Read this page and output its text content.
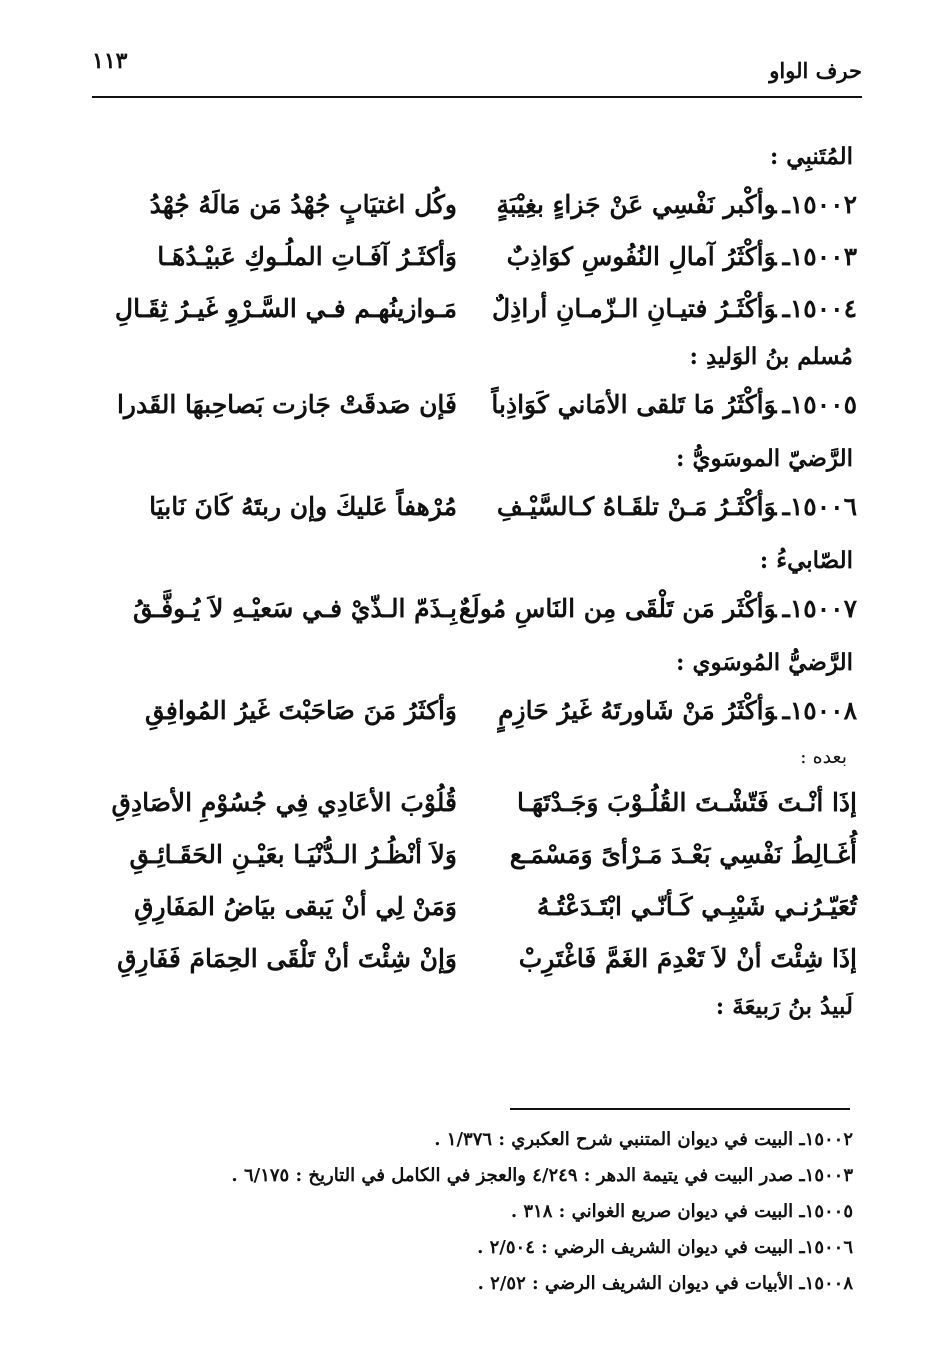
حرف الواو
١١٣
المُتَنبِي :
١٥٠٠٢ـوأكْبر نَفْسِي عَنْ جَزاءٍ بغِيْبَةٍ
وكُل اغتيَابٍ جُهْدُ مَن مَالَهُ جُهْدُ
١٥٠٠٣ـوَأكْثَرُ آمالِ النُفُوسِ كوَاذِبٌ
وَأكثَـرُ آفَـاتِ الملُـوكِ عَبيْـدُهَـا
١٥٠٠٤ـوَأكْثَـرُ فتيـانِ الـزّمـانِ أراذِلٌ
مَـوازينُهـم فـي السَّـرْوِ غَيـرُ ثِقَـالِ
مُسلم بنُ الوَليدِ :
١٥٠٠٥ـوَأكْثَرُ مَا تَلقى الأمَاني كَوَاذِباً
فَإن صَدقَتْ جَازت بَصاحِبهَا القَدرا
الرَّضيّ الموسَويُّ :
١٥٠٠٦ـوَأكْثَـرُ مَـنْ تلقَـاهُ كـالسَّيْـفِ
مُرْهفاً عَليكَ وإن ربتَهُ كَانَ نَابيَا
الصّابيءُ :
١٥٠٠٧ـوَأكْثَر مَن تَلْقَى مِن النَاسِ مُولَعٌ
بِـذَمّ الـذّيْ فـي سَعيْـهِ لاَ يُـوفَّـقُ
الرَّضيُّ المُوسَوي :
١٥٠٠٨ـوَأكْثَرُ مَنْ شَاورتَهُ غَيرُ حَازِمٍ
وَأكثَرُ مَنَ صَاحَبْتَ غَيرُ المُوافِقِ
بعده :
إذَا أنْـتَ فَتّشْـتَ القُلُـوْبَ وَجَـدْتَهَـا
قُلُوْبَ الأعَادِي فِي جُسُوْمِ الأصَادِقِ
أُغَـالِطُ نَفْسِي بَعْـدَ مَـرْأىً وَمَسْمَـع
وَلاَ أنْظُـرُ الـدُّنْيَـا بعَيْـنِ الحَقَـائِـقِ
تُعَيّـرُنـي شَيْبِـي كَـأنّـي ابْتَـدَعْتُـهُ
وَمَنْ لِي أنْ يَبقى بيَاضُ المَفَارِقِ
إذَا شِئْتَ أنْ لاَ تَعْدِمَ الغَمَّ فَاغْتَرِبْ
وَإنْ شِئْتَ أنْ تَلْقَى الحِمَامَ فَفَارِقِ
لَبيدُ بنُ رَبيعَةَ :
١٥٠٠٢ـ البيت في ديوان المتنبي شرح العكبري : ١/٣٧٦ .
١٥٠٠٣ـ صدر البيت في يتيمة الدهر : ٤/٢٤٩ والعجز في الكامل في التاريخ : ٦/١٧٥ .
١٥٠٠٥ـ البيت في ديوان صريع الغواني : ٣١٨ .
١٥٠٠٦ـ البيت في ديوان الشريف الرضي : ٢/٥٠٤ .
١٥٠٠٨ـ الأبيات في ديوان الشريف الرضي : ٢/٥٢ .
